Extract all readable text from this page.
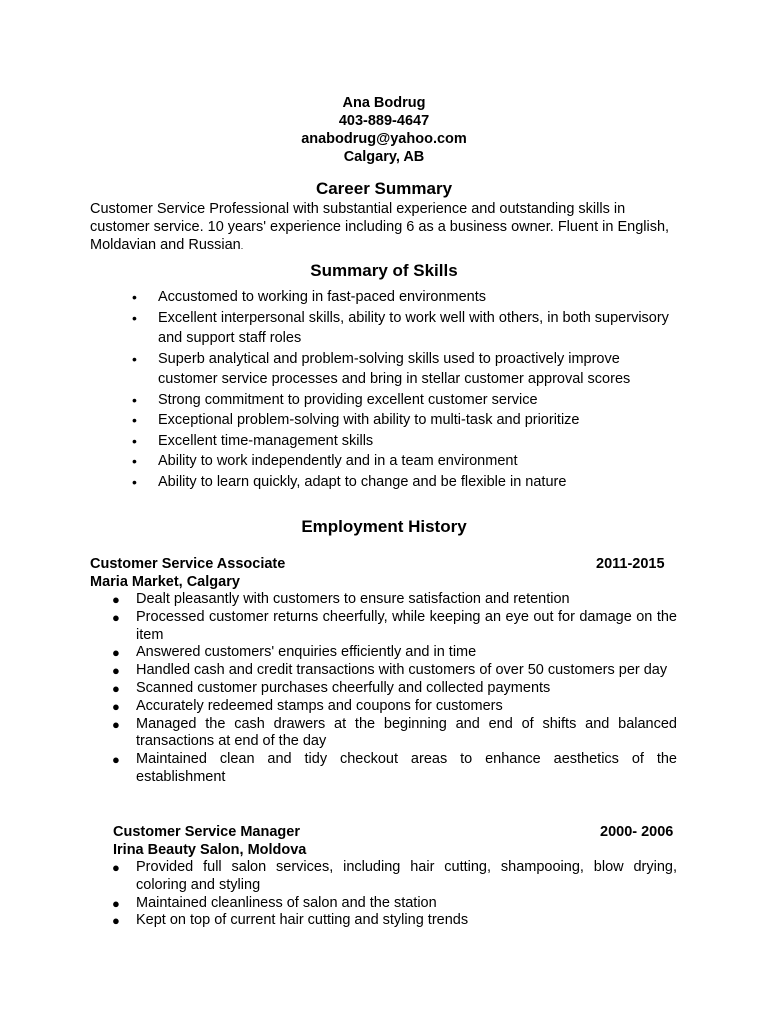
Ana Bodrug
403-889-4647
anabodrug@yahoo.com
Calgary, AB
Career Summary
Customer Service Professional with substantial experience and outstanding skills in customer service. 10 years' experience including 6 as a business owner. Fluent in English, Moldavian and Russian.
Summary of Skills
• Accustomed to working in fast-paced environments
• Excellent interpersonal skills, ability to work well with others, in both supervisory and support staff roles
• Superb analytical and problem-solving skills used to proactively improve customer service processes and bring in stellar customer approval scores
• Strong commitment to providing excellent customer service
• Exceptional problem-solving with ability to multi-task and prioritize
• Excellent time-management skills
• Ability to work independently and in a team environment
• Ability to learn quickly, adapt to change and be flexible in nature
Employment History
Customer Service Associate	2011-2015
Maria Market, Calgary
● Dealt pleasantly with customers to ensure satisfaction and retention
● Processed customer returns cheerfully, while keeping an eye out for damage on the item
● Answered customers' enquiries efficiently and in time
● Handled cash and credit transactions with customers of over 50 customers per day
● Scanned customer purchases cheerfully and collected payments
● Accurately redeemed stamps and coupons for customers
● Managed the cash drawers at the beginning and end of shifts and balanced transactions at end of the day
● Maintained clean and tidy checkout areas to enhance aesthetics of the establishment
Customer Service Manager	2000- 2006
Irina Beauty Salon, Moldova
● Provided full salon services, including hair cutting, shampooing, blow drying, coloring and styling
● Maintained cleanliness of salon and the station
● Kept on top of current hair cutting and styling trends
